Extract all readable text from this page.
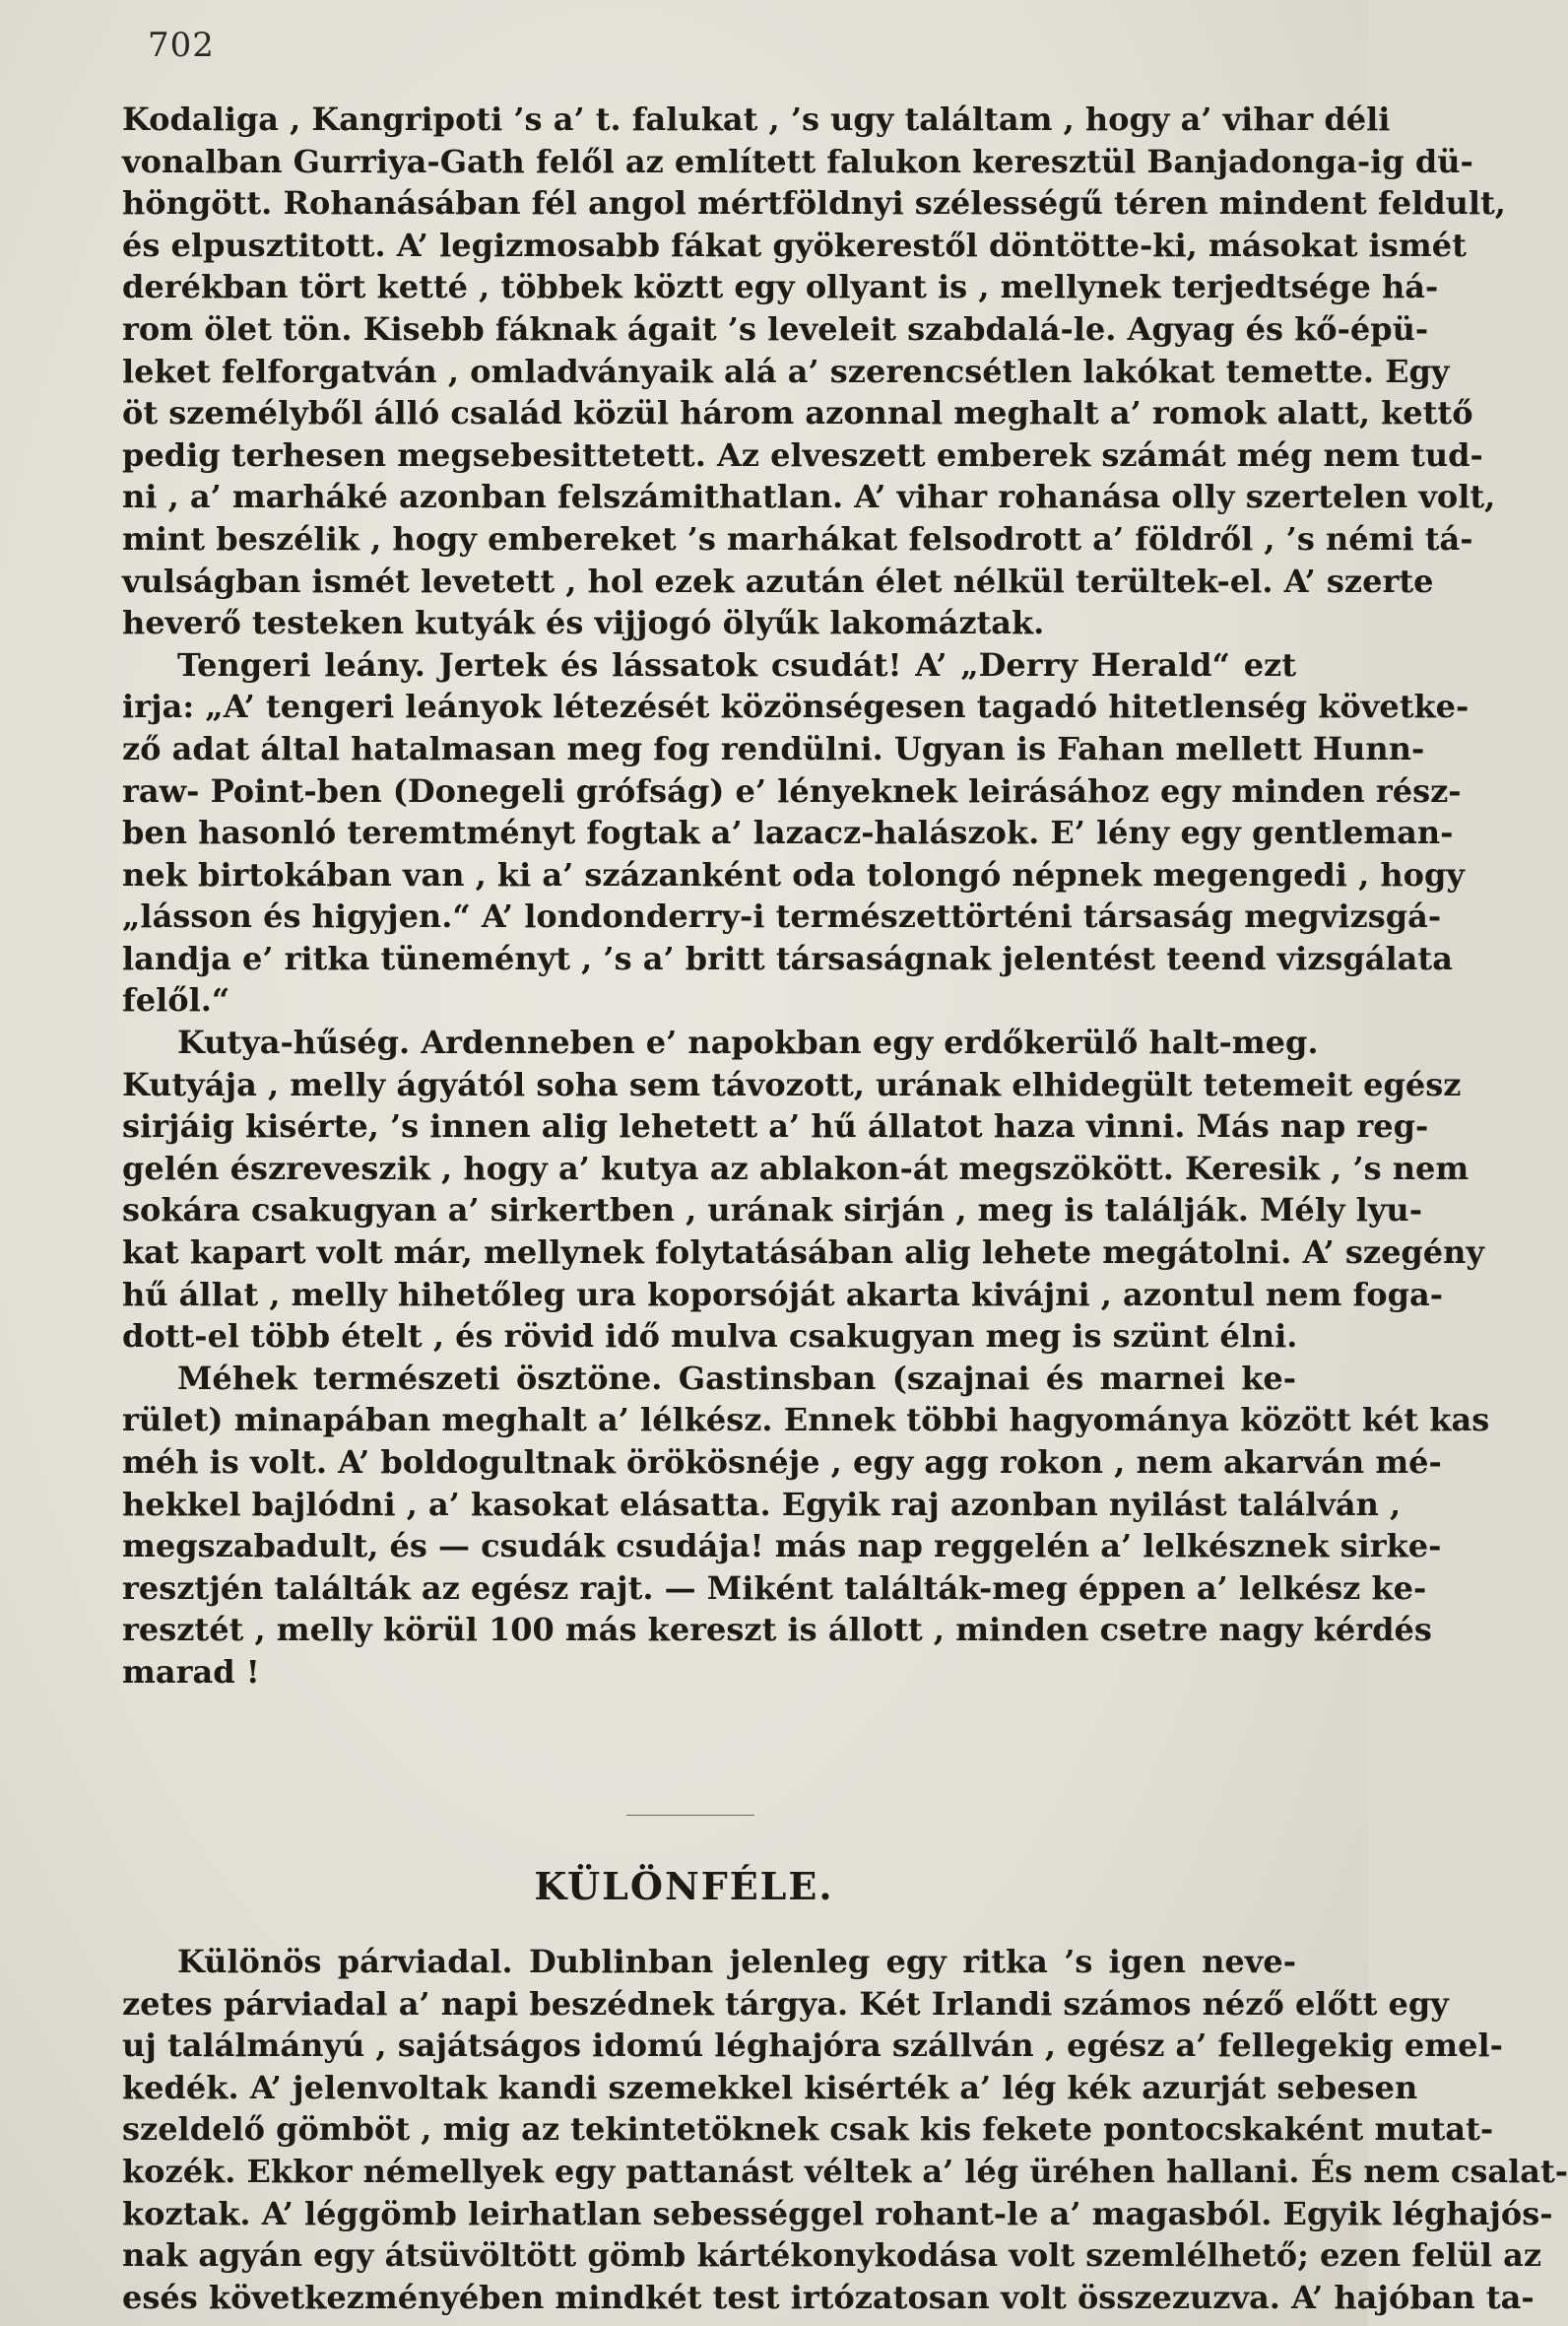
702
Kodaliga , Kangripoti ’s a’ t. falukat , ’s ugy találtam , hogy a’ vihar déli
vonalban Gurriya-Gath felől az említett falukon keresztül Banjadonga-ig dü-
höngött. Rohanásában fél angol mértföldnyi szélességű téren mindent feldult,
és elpusztitott. A’ legizmosabb fákat gyökerestől döntötte-ki, másokat ismét
derékban tört ketté , többek köztt egy ollyant is , mellynek terjedtsége há-
rom ölet tön. Kisebb fáknak ágait ’s leveleit szabdalá-le. Agyag és kő-épü-
leket felforgatván , omladványaik alá a’ szerencsétlen lakókat temette. Egy
öt személyből álló család közül három azonnal meghalt a’ romok alatt, kettő
pedig terhesen megsebesittetett. Az elveszett emberek számát még nem tud-
ni , a’ marháké azonban felszámithatlan. A’ vihar rohanása olly szertelen volt,
mint beszélik , hogy embereket ’s marhákat felsodrott a’ földről , ’s némi tá-
vulságban ismét levetett , hol ezek azután élet nélkül terültek-el. A’ szerte
heverő testeken kutyák és vijjogó ölyűk lakomáztak.
Tengeri leány. Jertek és lássatok csudát! A’ „Derry Herald“ ezt
irja: „A’ tengeri leányok létezését közönségesen tagadó hitetlenség követke-
ző adat által hatalmasan meg fog rendülni. Ugyan is Fahan mellett Hunn-
raw- Point-ben (Donegeli grófság) e’ lényeknek leirásához egy minden rész-
ben hasonló teremtményt fogtak a’ lazacz-halászok. E’ lény egy gentleman-
nek birtokában van , ki a’ százanként oda tolongó népnek megengedi , hogy
„lásson és higyjen.“ A’ londonderry-i természettörténi társaság megvizsgá-
landja e’ ritka tüneményt , ’s a’ britt társaságnak jelentést teend vizsgálata
felől.“
Kutya-hűség. Ardenneben e’ napokban egy erdőkerülő halt-meg.
Kutyája , melly ágyától soha sem távozott, urának elhidegült tetemeit egész
sirjáig kisérte, ’s innen alig lehetett a’ hű állatot haza vinni. Más nap reg-
gelén észreveszik , hogy a’ kutya az ablakon-át megszökött. Keresik , ’s nem
sokára csakugyan a’ sirkertben , urának sirján , meg is találják. Mély lyu-
kat kapart volt már, mellynek folytatásában alig lehete megátolni. A’ szegény
hű állat , melly hihetőleg ura koporsóját akarta kivájni , azontul nem foga-
dott-el több ételt , és rövid idő mulva csakugyan meg is szünt élni.
Méhek természeti ösztöne. Gastinsban (szajnai és marnei ke-
rület) minapában meghalt a’ lélkész. Ennek többi hagyománya között két kas
méh is volt. A’ boldogultnak örökösnéje , egy agg rokon , nem akarván mé-
hekkel bajlódni , a’ kasokat elásatta. Egyik raj azonban nyilást találván ,
megszabadult, és — csudák csudája! más nap reggelén a’ lelkésznek sirke-
resztjén találták az egész rajt. — Miként találták-meg éppen a’ lelkész ke-
resztét , melly körül 100 más kereszt is állott , minden csetre nagy kérdés
marad !
KÜLÖNFÉLE.
Különös párviadal. Dublinban jelenleg egy ritka ’s igen neve-
zetes párviadal a’ napi beszédnek tárgya. Két Irlandi számos néző előtt egy
uj találmányú , sajátságos idomú léghajóra szállván , egész a’ fellegekig emel-
kedék. A’ jelenvoltak kandi szemekkel kisérték a’ lég kék azurját sebesen
szeldelő gömböt , mig az tekintetöknek csak kis fekete pontocskaként mutat-
kozék. Ekkor némellyek egy pattanást véltek a’ lég üréhen hallani. És nem csalat-
koztak. A’ léggömb leirhatlan sebességgel rohant-le a’ magasból. Egyik léghajós-
nak agyán egy átsüvöltött gömb kártékonykodása volt szemlélhető; ezen felül az
esés következményében mindkét test irtózatosan volt összezuzva. A’ hajóban ta-
